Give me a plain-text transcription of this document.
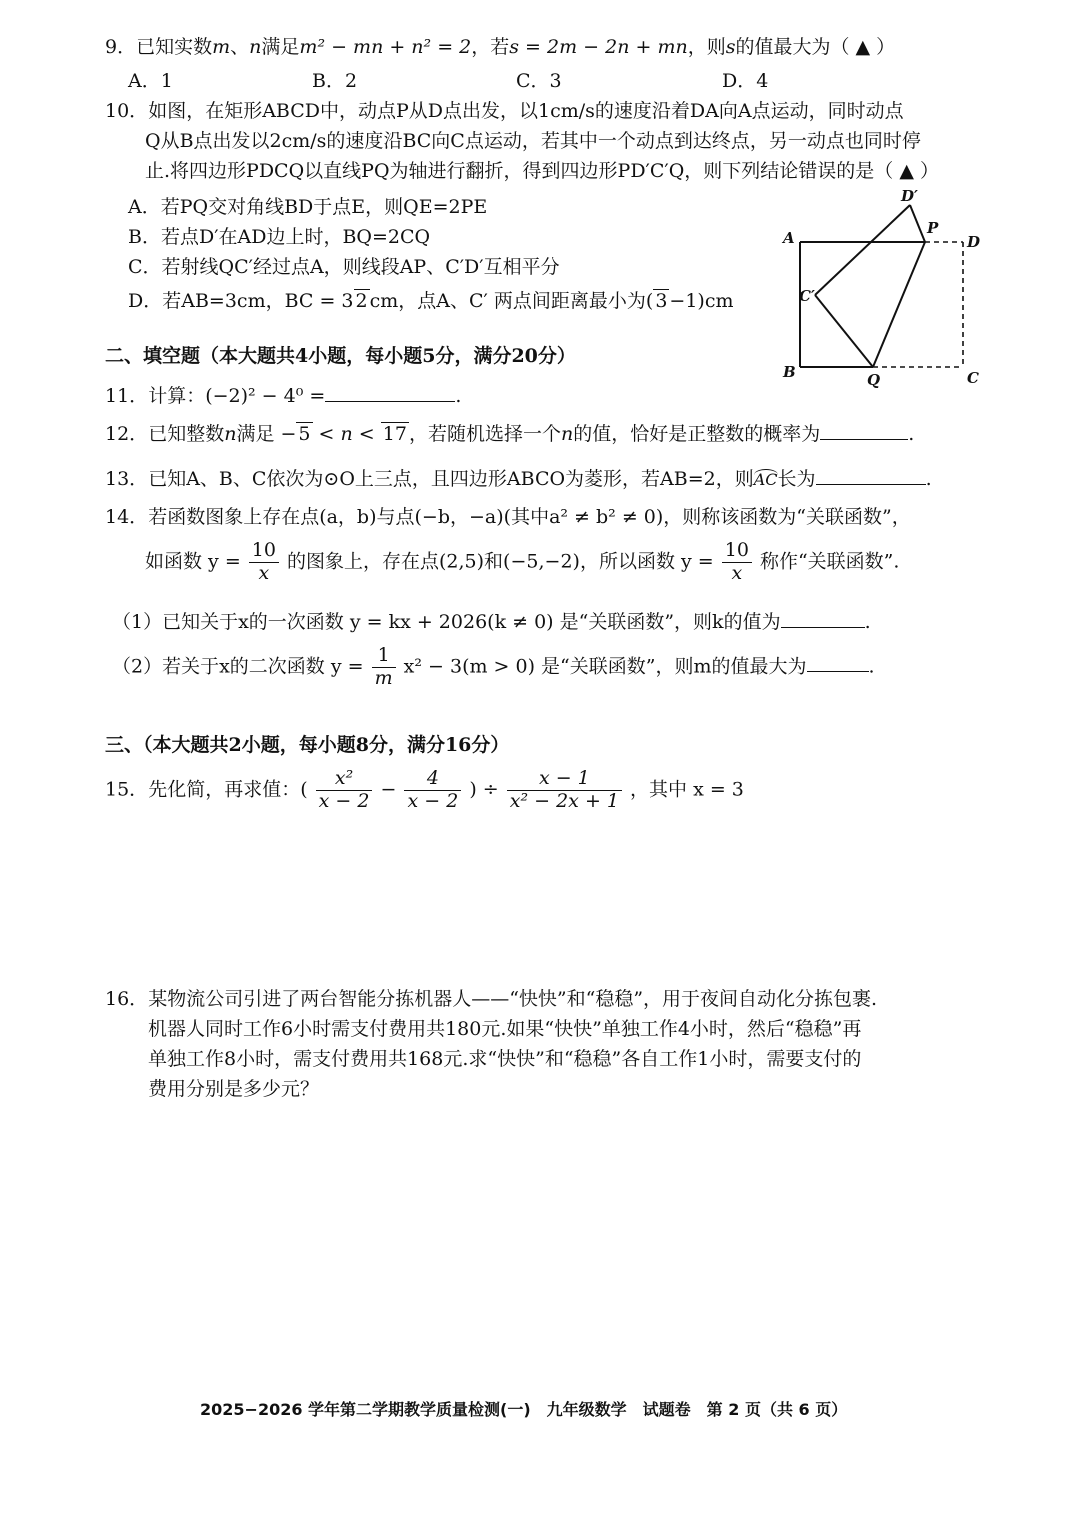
9．已知实数m、n满足m² − mn + n² = 2，若s = 2m − 2n + mn，则s的值最大为（ ▲ ）
A．1	B．2	C．3	D．4
10．如图，在矩形ABCD中，动点P从D点出发，以1cm/s的速度沿着DA向A点运动，同时动点
Q从B点出发以2cm/s的速度沿BC向C点运动，若其中一个动点到达终点，另一动点也同时停
止.将四边形PDCQ以直线PQ为轴进行翻折，得到四边形PD′C′Q，则下列结论错误的是（ ▲ ）
A．若PQ交对角线BD于点E，则QE=2PE
B．若点D′在AD边上时，BQ=2CQ
C．若射线QC′经过点A，则线段AP、C′D′互相平分
D．若AB=3cm，BC = 3 2 cm，点A、C′ 两点间距离最小为( 3 −1)cm
A
B	C
D
P
Q
C′
D′
二、填空题（本大题共4小题，每小题5分，满分20分）
11．计算：(−2)² − 4⁰ =	.
12．已知整数n满足 − 5 < n < 17 ，若随机选择一个n的值，恰好是正整数的概率为	.
13．已知A、B、C依次为⊙O上三点，且四边形ABCO为菱形，若AB=2，则AC长为	.
14．若函数图象上存在点(a，b)与点(−b，−a)(其中a² ≠ b² ≠ 0)，则称该函数为“关联函数”，
如函数 $y = \frac{10}{x}$ 的图象上，存在点(2,5)和(−5,−2)，所以函数 $y = \frac{10}{x}$ 称作“关联函数”.
（1）已知关于x的一次函数 y = kx + 2026(k ≠ 0) 是“关联函数”，则k的值为	.
（2）若关于x的二次函数 $y = \frac{1}{m} x^2 - 3(m > 0)$ 是“关联函数”，则m的值最大为	.
三、（本大题共2小题，每小题8分，满分16分）
15．先化简，再求值：( $\frac{\text{x²}}{x - 2} - \frac{4}{x - 2}$ ) ÷ $\frac{x - 1}{\text{x² − 2x + 1}}$ ，其中 x = 3
16．某物流公司引进了两台智能分拣机器人——“快快”和“稳稳”，用于夜间自动化分拣包裹.
机器人同时工作6小时需支付费用共180元.如果“快快”单独工作4小时，然后“稳稳”再
单独工作8小时，需支付费用共168元.求“快快”和“稳稳”各自工作1小时，需要支付的
费用分别是多少元？
2025−2026 学年第二学期教学质量检测(一)　九年级数学　试题卷　第 2 页（共 6 页）
